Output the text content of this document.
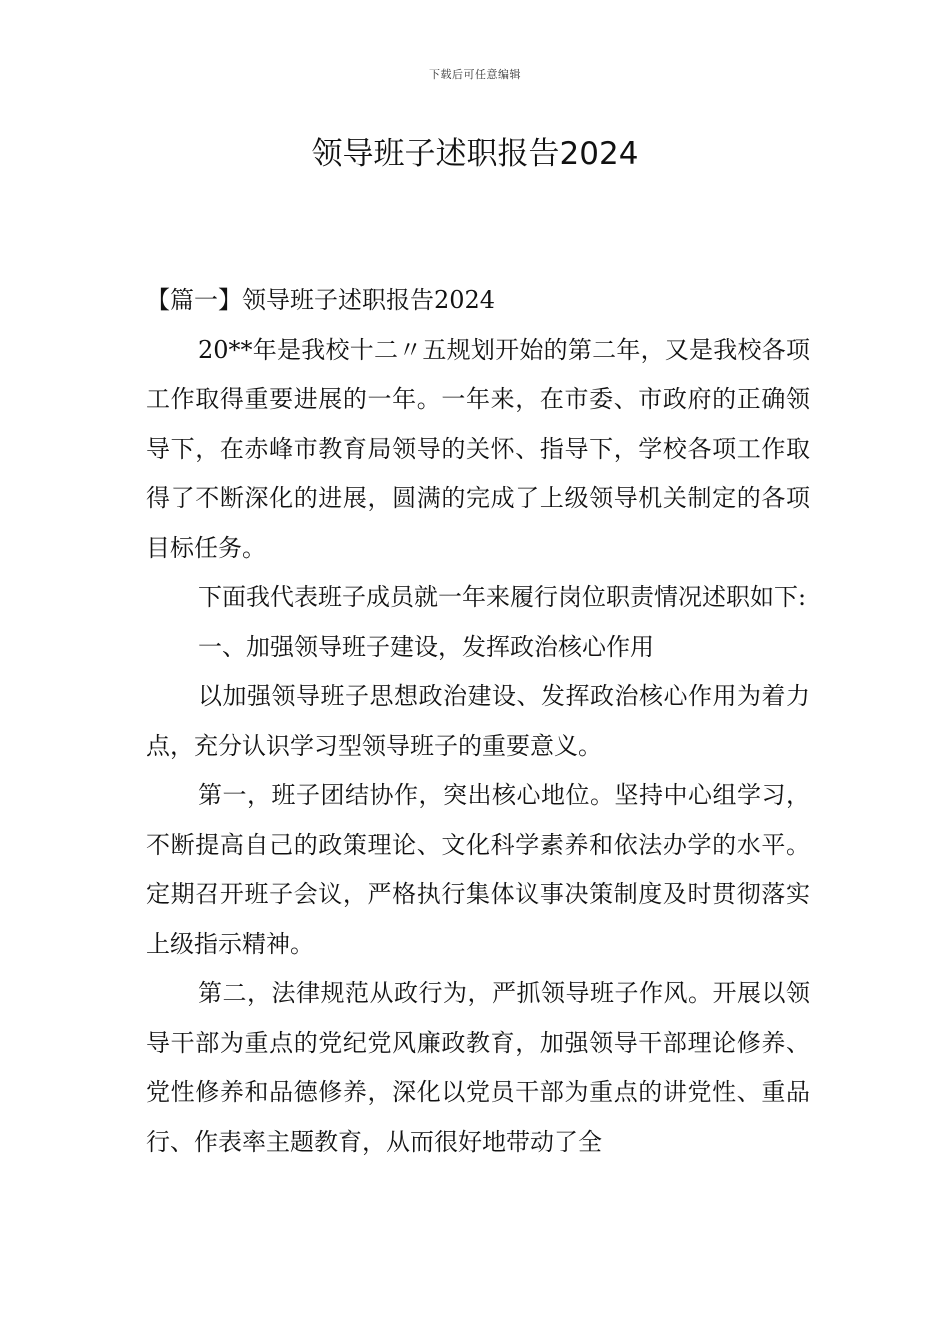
下载后可任意编辑
领导班子述职报告2024

【篇一】领导班子述职报告2024

20**年是我校十二〃五规划开始的第二年，又是我校各项工作取得重要进展的一年。一年来，在市委、市政府的正确领导下，在赤峰市教育局领导的关怀、指导下，学校各项工作取得了不断深化的进展，圆满的完成了上级领导机关制定的各项目标任务。

下面我代表班子成员就一年来履行岗位职责情况述职如下:

一、加强领导班子建设，发挥政治核心作用

以加强领导班子思想政治建设、发挥政治核心作用为着力点，充分认识学习型领导班子的重要意义。

第一，班子团结协作，突出核心地位。坚持中心组学习，不断提高自己的政策理论、文化科学素养和依法办学的水平。定期召开班子会议，严格执行集体议事决策制度及时贯彻落实上级指示精神。

第二，法律规范从政行为，严抓领导班子作风。开展以领导干部为重点的党纪党风廉政教育，加强领导干部理论修养、党性修养和品德修养，深化以党员干部为重点的讲党性、重品行、作表率主题教育，从而很好地带动了全
